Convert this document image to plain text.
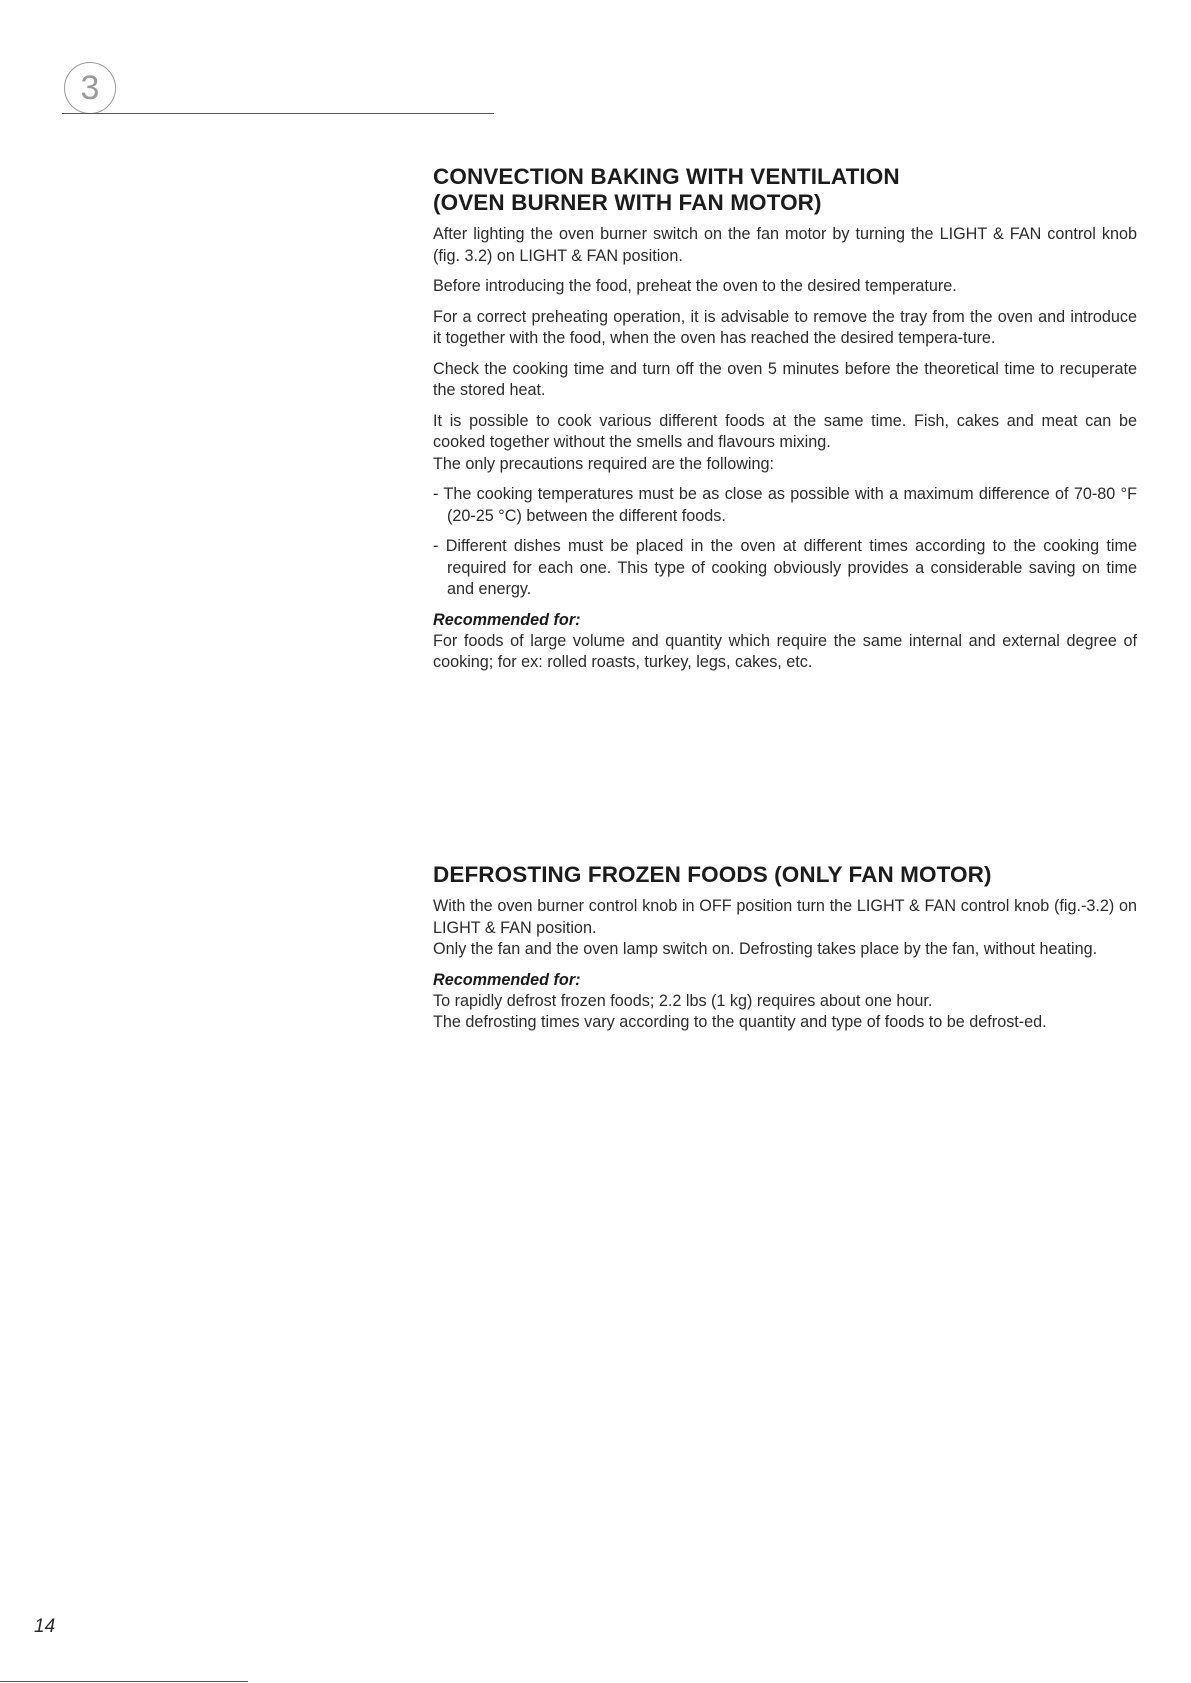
3
CONVECTION BAKING WITH VENTILATION
(OVEN BURNER WITH FAN MOTOR)

After lighting the oven burner switch on the fan motor by turning the LIGHT & FAN control knob (fig. 3.2) on LIGHT & FAN position.

Before introducing the food, preheat the oven to the desired temperature.

For a correct preheating operation, it is advisable to remove the tray from the oven and introduce it together with the food, when the oven has reached the desired tempera-ture.

Check the cooking time and turn off the oven 5 minutes before the theoretical time to recuperate the stored heat.

It is possible to cook various different foods at the same time. Fish, cakes and meat can be cooked together without the smells and flavours mixing.

The only precautions required are the following:

- The cooking temperatures must be as close as possible with a maximum difference of 70-80 °F (20-25 °C) between the different foods.

- Different dishes must be placed in the oven at different times according to the cooking time required for each one. This type of cooking obviously provides a considerable saving on time and energy.

Recommended for:

For foods of large volume and quantity which require the same internal and external degree of cooking; for ex: rolled roasts, turkey, legs, cakes, etc.

DEFROSTING FROZEN FOODS (ONLY FAN MOTOR)

With the oven burner control knob in OFF position turn the LIGHT & FAN control knob (fig.-3.2) on LIGHT & FAN position.

Only the fan and the oven lamp switch on. Defrosting takes place by the fan, without heating.

Recommended for:

To rapidly defrost frozen foods; 2.2 lbs (1 kg) requires about one hour.

The defrosting times vary according to the quantity and type of foods to be defrost-ed.

14
